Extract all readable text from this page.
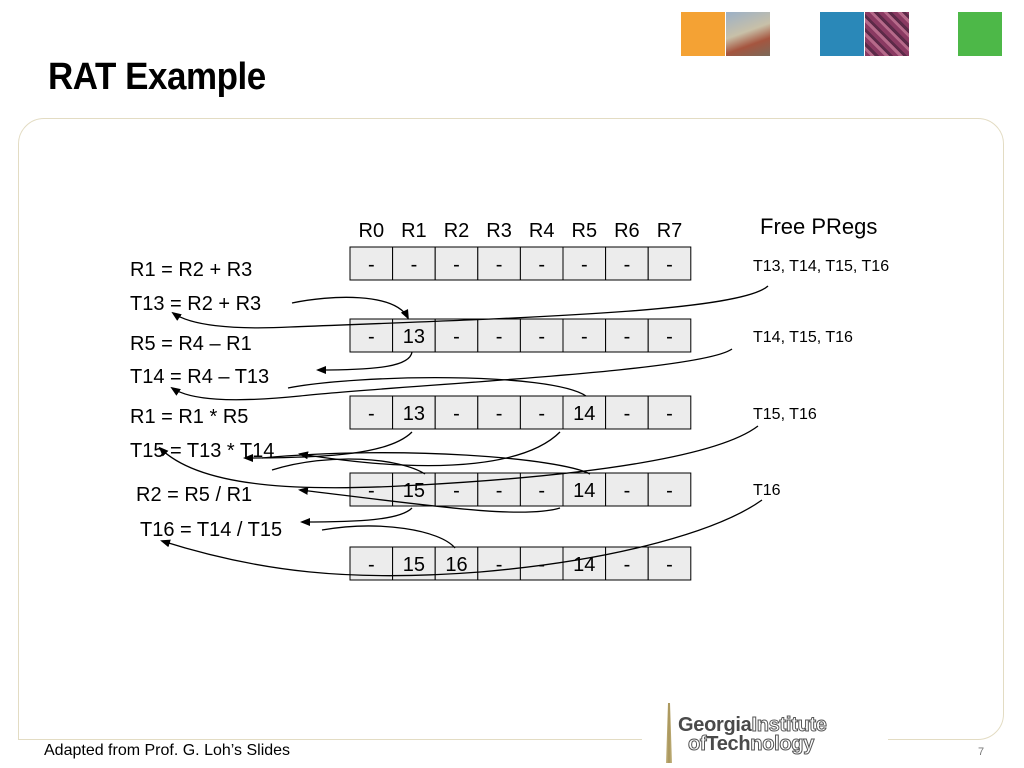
RAT Example
R0 R1 R2 R3 R4 R5 R6 R7	Free PRegs
- - - - - - - -
- 13 - - - - - -
- 13 - - - 14 - -
- 15 - - - 14 - -
- 15 16 - - 14 - -
T13, T14, T15, T16
T14, T15, T16
T15, T16
T16
R1 = R2 + R3
T13 = R2 + R3
R5 = R4 – R1
T14 = R4 – T13
R1 = R1 * R5
T15 = T13 * T14
R2 = R5 / R1
T16 = T14 / T15
GeorgiaInstitute
ofTechnology
Adapted from Prof. G. Loh’s Slides	7
